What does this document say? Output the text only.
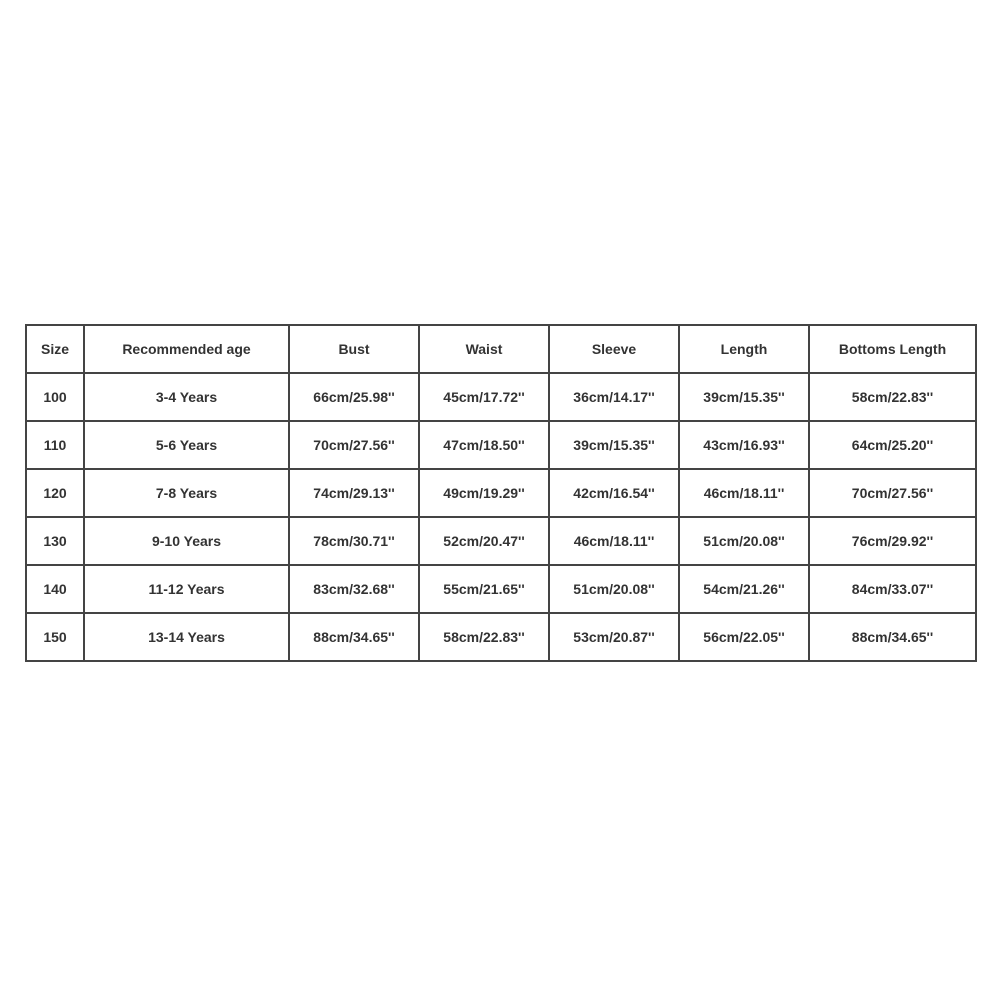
Size	Recommended age	Bust	Waist	Sleeve	Length	Bottoms Length
100	3-4 Years	66cm/25.98''	45cm/17.72''	36cm/14.17''	39cm/15.35''	58cm/22.83''
110	5-6 Years	70cm/27.56''	47cm/18.50''	39cm/15.35''	43cm/16.93''	64cm/25.20''
120	7-8 Years	74cm/29.13''	49cm/19.29''	42cm/16.54''	46cm/18.11''	70cm/27.56''
130	9-10 Years	78cm/30.71''	52cm/20.47''	46cm/18.11''	51cm/20.08''	76cm/29.92''
140	11-12 Years	83cm/32.68''	55cm/21.65''	51cm/20.08''	54cm/21.26''	84cm/33.07''
150	13-14 Years	88cm/34.65''	58cm/22.83''	53cm/20.87''	56cm/22.05''	88cm/34.65''
